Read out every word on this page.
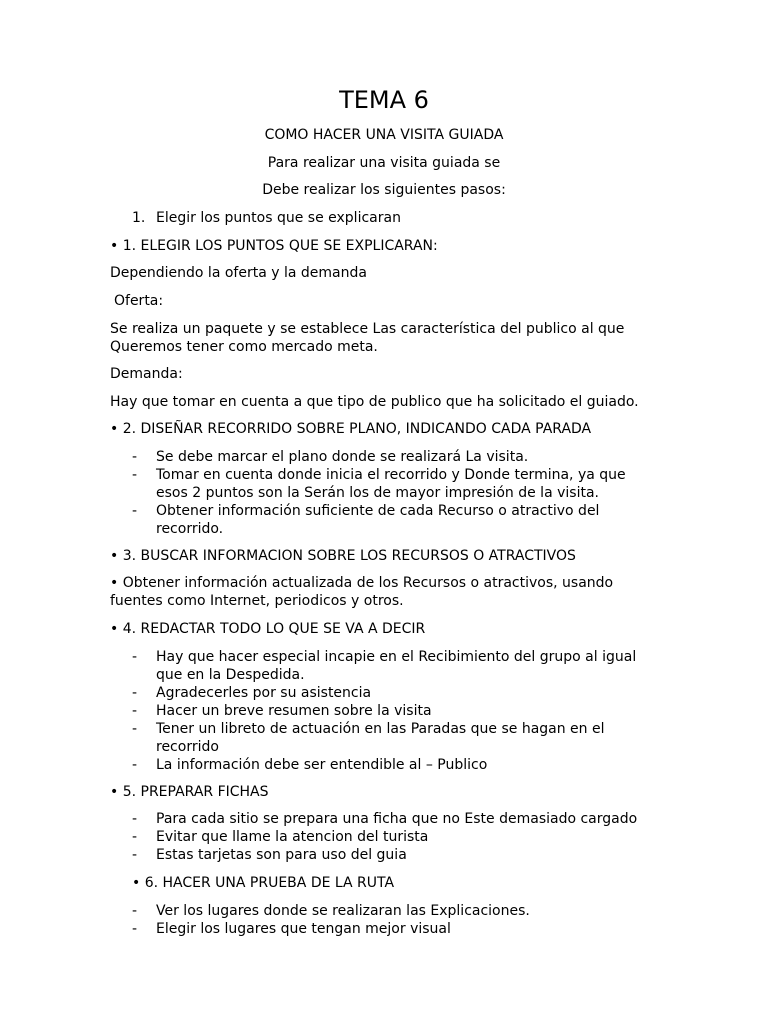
TEMA 6
COMO HACER UNA VISITA GUIADA
Para realizar una visita guiada se
Debe realizar los siguientes pasos:
1. Elegir los puntos que se explicaran
• 1. ELEGIR LOS PUNTOS QUE SE EXPLICARAN:
Dependiendo la oferta y la demanda
Oferta:
Se realiza un paquete y se establece Las característica del publico al que Queremos tener como mercado meta.
Demanda:
Hay que tomar en cuenta a que tipo de publico que ha solicitado el guiado.
• 2. DISEÑAR RECORRIDO SOBRE PLANO, INDICANDO CADA PARADA
-	Se debe marcar el plano donde se realizará La visita.
-	Tomar en cuenta donde inicia el recorrido y Donde termina, ya que esos 2 puntos son la Serán los de mayor impresión de la visita.
-	Obtener información suficiente de cada Recurso o atractivo del recorrido.
• 3. BUSCAR INFORMACION SOBRE LOS RECURSOS O ATRACTIVOS
• Obtener información actualizada de los Recursos o atractivos, usando fuentes como Internet, periodicos y otros.
• 4. REDACTAR TODO LO QUE SE VA A DECIR
-	Hay que hacer especial incapie en el Recibimiento del grupo al igual que en la Despedida.
-	Agradecerles por su asistencia
-	Hacer un breve resumen sobre la visita
-	Tener un libreto de actuación en las Paradas que se hagan en el recorrido
-	La información debe ser entendible al – Publico
• 5. PREPARAR FICHAS
-	Para cada sitio se prepara una ficha que no Este demasiado cargado
-	Evitar que llame la atencion del turista
-	Estas tarjetas son para uso del guia
• 6. HACER UNA PRUEBA DE LA RUTA
-	Ver los lugares donde se realizaran las Explicaciones.
-	Elegir los lugares que tengan mejor visual
